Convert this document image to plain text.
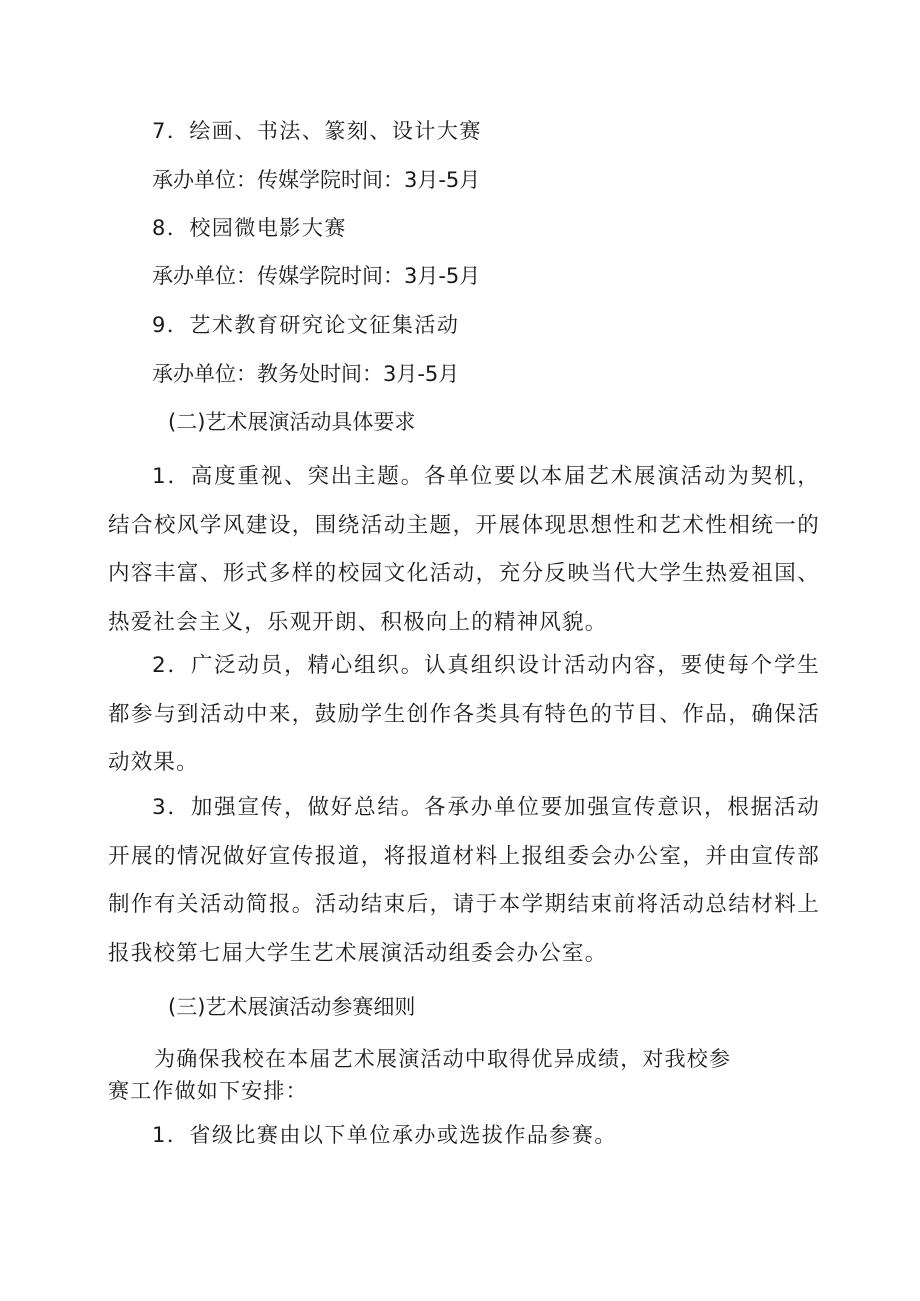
7．绘画、书法、篆刻、设计大赛
承办单位：传媒学院时间：3月-5月
8．校园微电影大赛
承办单位：传媒学院时间：3月-5月
9．艺术教育研究论文征集活动
承办单位：教务处时间：3月-5月
(二)艺术展演活动具体要求
1．高度重视、突出主题。各单位要以本届艺术展演活动为契机，结合校风学风建设，围绕活动主题，开展体现思想性和艺术性相统一的内容丰富、形式多样的校园文化活动，充分反映当代大学生热爱祖国、热爱社会主义，乐观开朗、积极向上的精神风貌。
2．广泛动员，精心组织。认真组织设计活动内容，要使每个学生都参与到活动中来，鼓励学生创作各类具有特色的节目、作品，确保活动效果。
3．加强宣传，做好总结。各承办单位要加强宣传意识，根据活动开展的情况做好宣传报道，将报道材料上报组委会办公室，并由宣传部制作有关活动简报。活动结束后，请于本学期结束前将活动总结材料上报我校第七届大学生艺术展演活动组委会办公室。
(三)艺术展演活动参赛细则
为确保我校在本届艺术展演活动中取得优异成绩，对我校参赛工作做如下安排：
1．省级比赛由以下单位承办或选拔作品参赛。
